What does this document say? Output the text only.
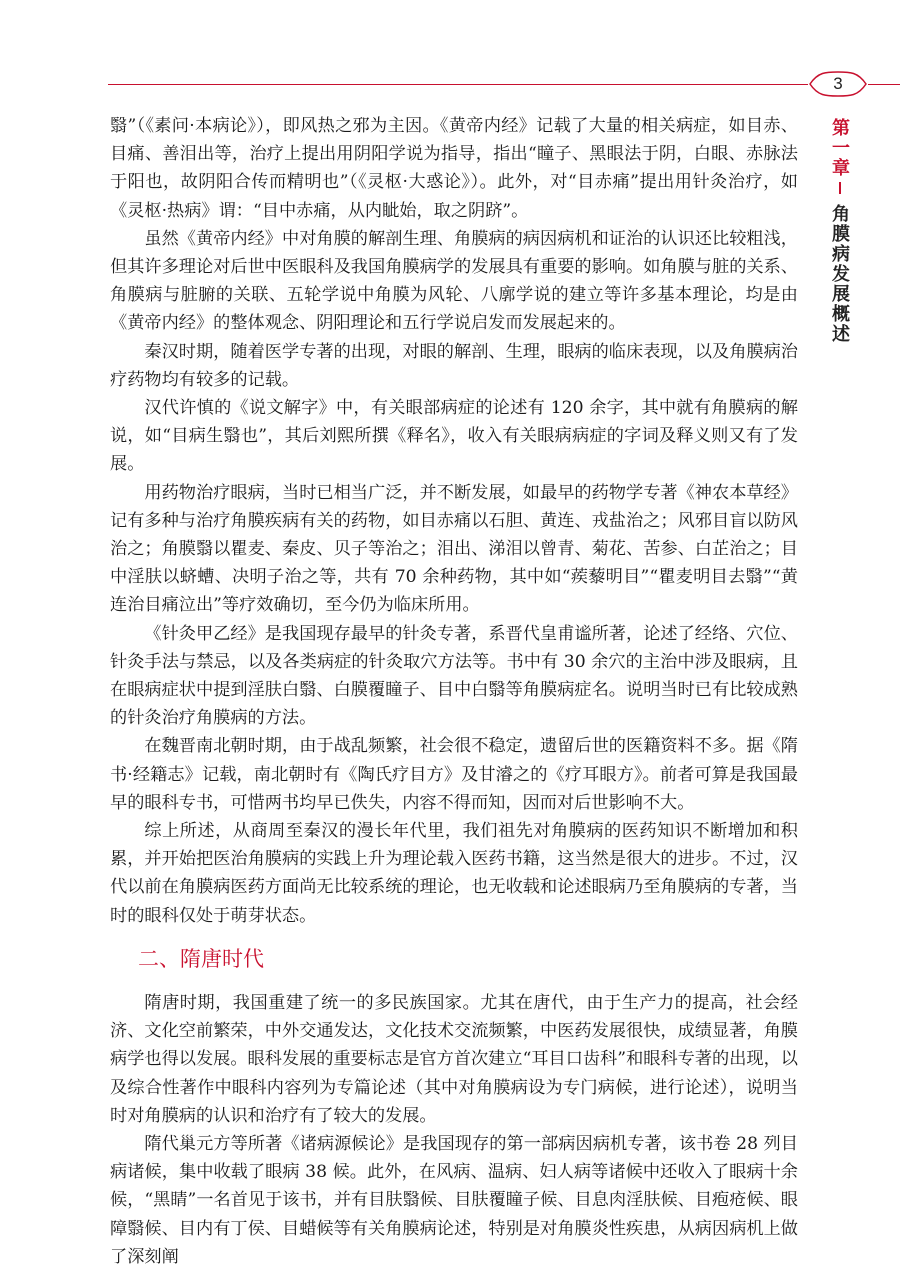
3
第一章
角膜病发展概述

翳”（《素问·本病论》），即风热之邪为主因。《黄帝内经》记载了大量的相关病症，如目赤、目痛、善泪出等，治疗上提出用阴阳学说为指导，指出“瞳子、黑眼法于阴，白眼、赤脉法于阳也，故阴阳合传而精明也”（《灵枢·大惑论》）。此外，对“目赤痛”提出用针灸治疗，如《灵枢·热病》谓：“目中赤痛，从内眦始，取之阴跻”。

虽然《黄帝内经》中对角膜的解剖生理、角膜病的病因病机和证治的认识还比较粗浅，但其许多理论对后世中医眼科及我国角膜病学的发展具有重要的影响。如角膜与脏的关系、角膜病与脏腑的关联、五轮学说中角膜为风轮、八廓学说的建立等许多基本理论，均是由《黄帝内经》的整体观念、阴阳理论和五行学说启发而发展起来的。

秦汉时期，随着医学专著的出现，对眼的解剖、生理，眼病的临床表现，以及角膜病治疗药物均有较多的记载。

汉代许慎的《说文解字》中，有关眼部病症的论述有 120 余字，其中就有角膜病的解说，如“目病生翳也”，其后刘熙所撰《释名》，收入有关眼病病症的字词及释义则又有了发展。

用药物治疗眼病，当时已相当广泛，并不断发展，如最早的药物学专著《神农本草经》记有多种与治疗角膜疾病有关的药物，如目赤痛以石胆、黄连、戎盐治之；风邪目盲以防风治之；角膜翳以瞿麦、秦皮、贝子等治之；泪出、涕泪以曾青、菊花、苦参、白芷治之；目中淫肤以蛴螬、决明子治之等，共有 70 余种药物，其中如“蒺藜明目”“瞿麦明目去翳”“黄连治目痛泣出”等疗效确切，至今仍为临床所用。

《针灸甲乙经》是我国现存最早的针灸专著，系晋代皇甫谧所著，论述了经络、穴位、针灸手法与禁忌，以及各类病症的针灸取穴方法等。书中有 30 余穴的主治中涉及眼病，且在眼病症状中提到淫肤白翳、白膜覆瞳子、目中白翳等角膜病症名。说明当时已有比较成熟的针灸治疗角膜病的方法。

在魏晋南北朝时期，由于战乱频繁，社会很不稳定，遗留后世的医籍资料不多。据《隋书·经籍志》记载，南北朝时有《陶氏疗目方》及甘濬之的《疗耳眼方》。前者可算是我国最早的眼科专书，可惜两书均早已佚失，内容不得而知，因而对后世影响不大。

综上所述，从商周至秦汉的漫长年代里，我们祖先对角膜病的医药知识不断增加和积累，并开始把医治角膜病的实践上升为理论载入医药书籍，这当然是很大的进步。不过，汉代以前在角膜病医药方面尚无比较系统的理论，也无收载和论述眼病乃至角膜病的专著，当时的眼科仅处于萌芽状态。

二、隋唐时代

隋唐时期，我国重建了统一的多民族国家。尤其在唐代，由于生产力的提高，社会经济、文化空前繁荣，中外交通发达，文化技术交流频繁，中医药发展很快，成绩显著，角膜病学也得以发展。眼科发展的重要标志是官方首次建立“耳目口齿科”和眼科专著的出现，以及综合性著作中眼科内容列为专篇论述（其中对角膜病设为专门病候，进行论述），说明当时对角膜病的认识和治疗有了较大的发展。

隋代巢元方等所著《诸病源候论》是我国现存的第一部病因病机专著，该书卷 28 列目病诸候，集中收载了眼病 38 候。此外，在风病、温病、妇人病等诸候中还收入了眼病十余候，“黑睛”一名首见于该书，并有目肤翳候、目肤覆瞳子候、目息肉淫肤候、目疱疮候、眼障翳候、目内有丁侯、目蜡候等有关角膜病论述，特别是对角膜炎性疾患，从病因病机上做了深刻阐
